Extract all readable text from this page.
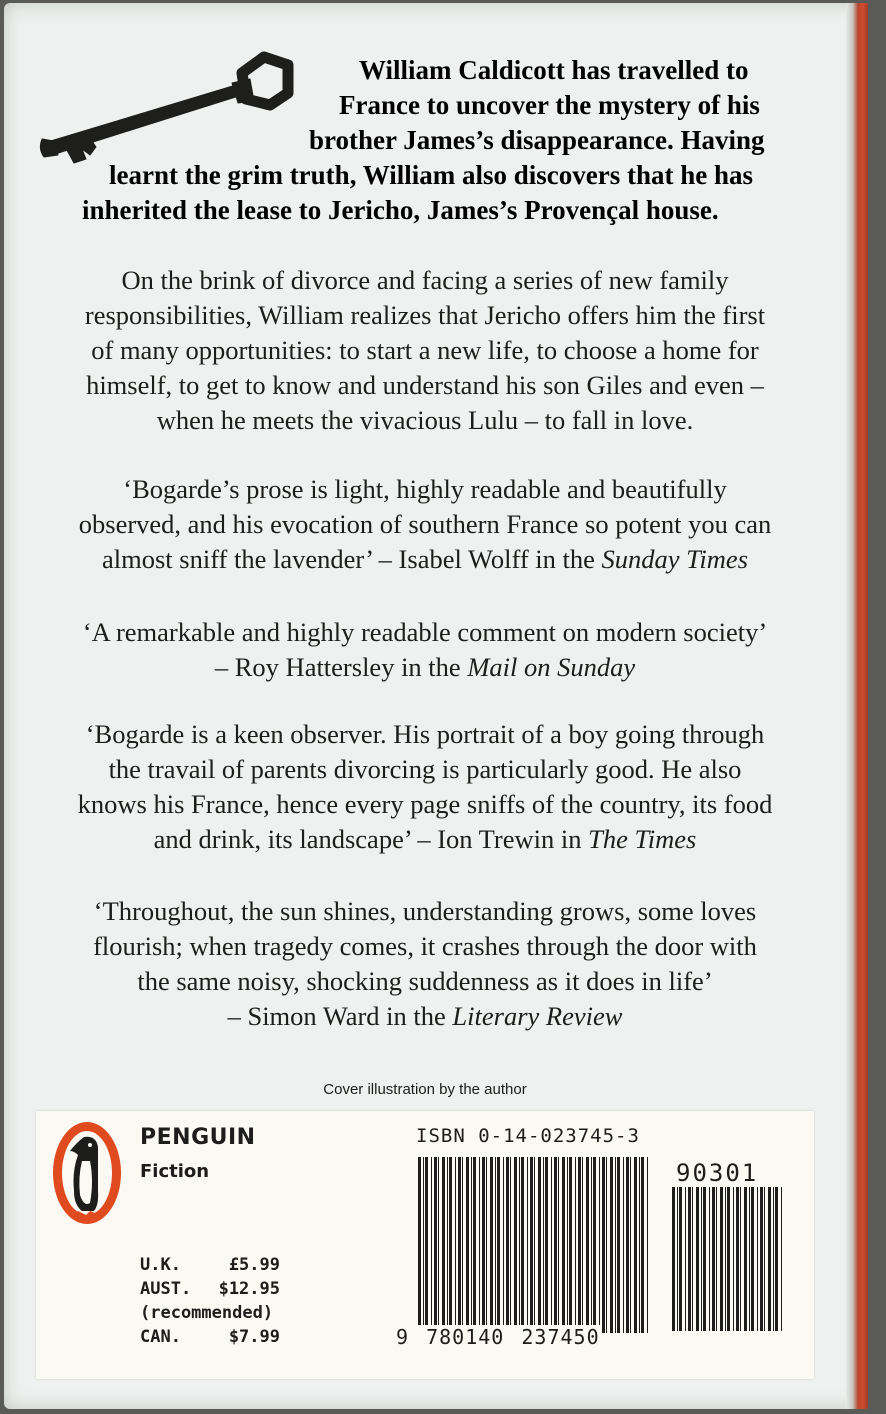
William Caldicott has travelled to

France to uncover the mystery of his

brother James’s disappearance. Having

learnt the grim truth, William also discovers that he has

inherited the lease to Jericho, James’s Provençal house.

On the brink of divorce and facing a series of new family

responsibilities, William realizes that Jericho offers him the first

of many opportunities: to start a new life, to choose a home for

himself, to get to know and understand his son Giles and even –

when he meets the vivacious Lulu – to fall in love.

‘Bogarde’s prose is light, highly readable and beautifully

observed, and his evocation of southern France so potent you can

almost sniff the lavender’ – Isabel Wolff in the Sunday Times

‘A remarkable and highly readable comment on modern society’

– Roy Hattersley in the Mail on Sunday

‘Bogarde is a keen observer. His portrait of a boy going through

the travail of parents divorcing is particularly good. He also

knows his France, hence every page sniffs of the country, its food

and drink, its landscape’ – Ion Trewin in The Times

‘Throughout, the sun shines, understanding grows, some loves

flourish; when tragedy comes, it crashes through the door with

the same noisy, shocking suddenness as it does in life’

– Simon Ward in the Literary Review

Cover illustration by the author
PENGUIN
Fiction
U.K.	£5.99
AUST. $12.95
(recommended)
CAN.	$7.99
ISBN 0-14-023745-3
90301
9 780140 237450
